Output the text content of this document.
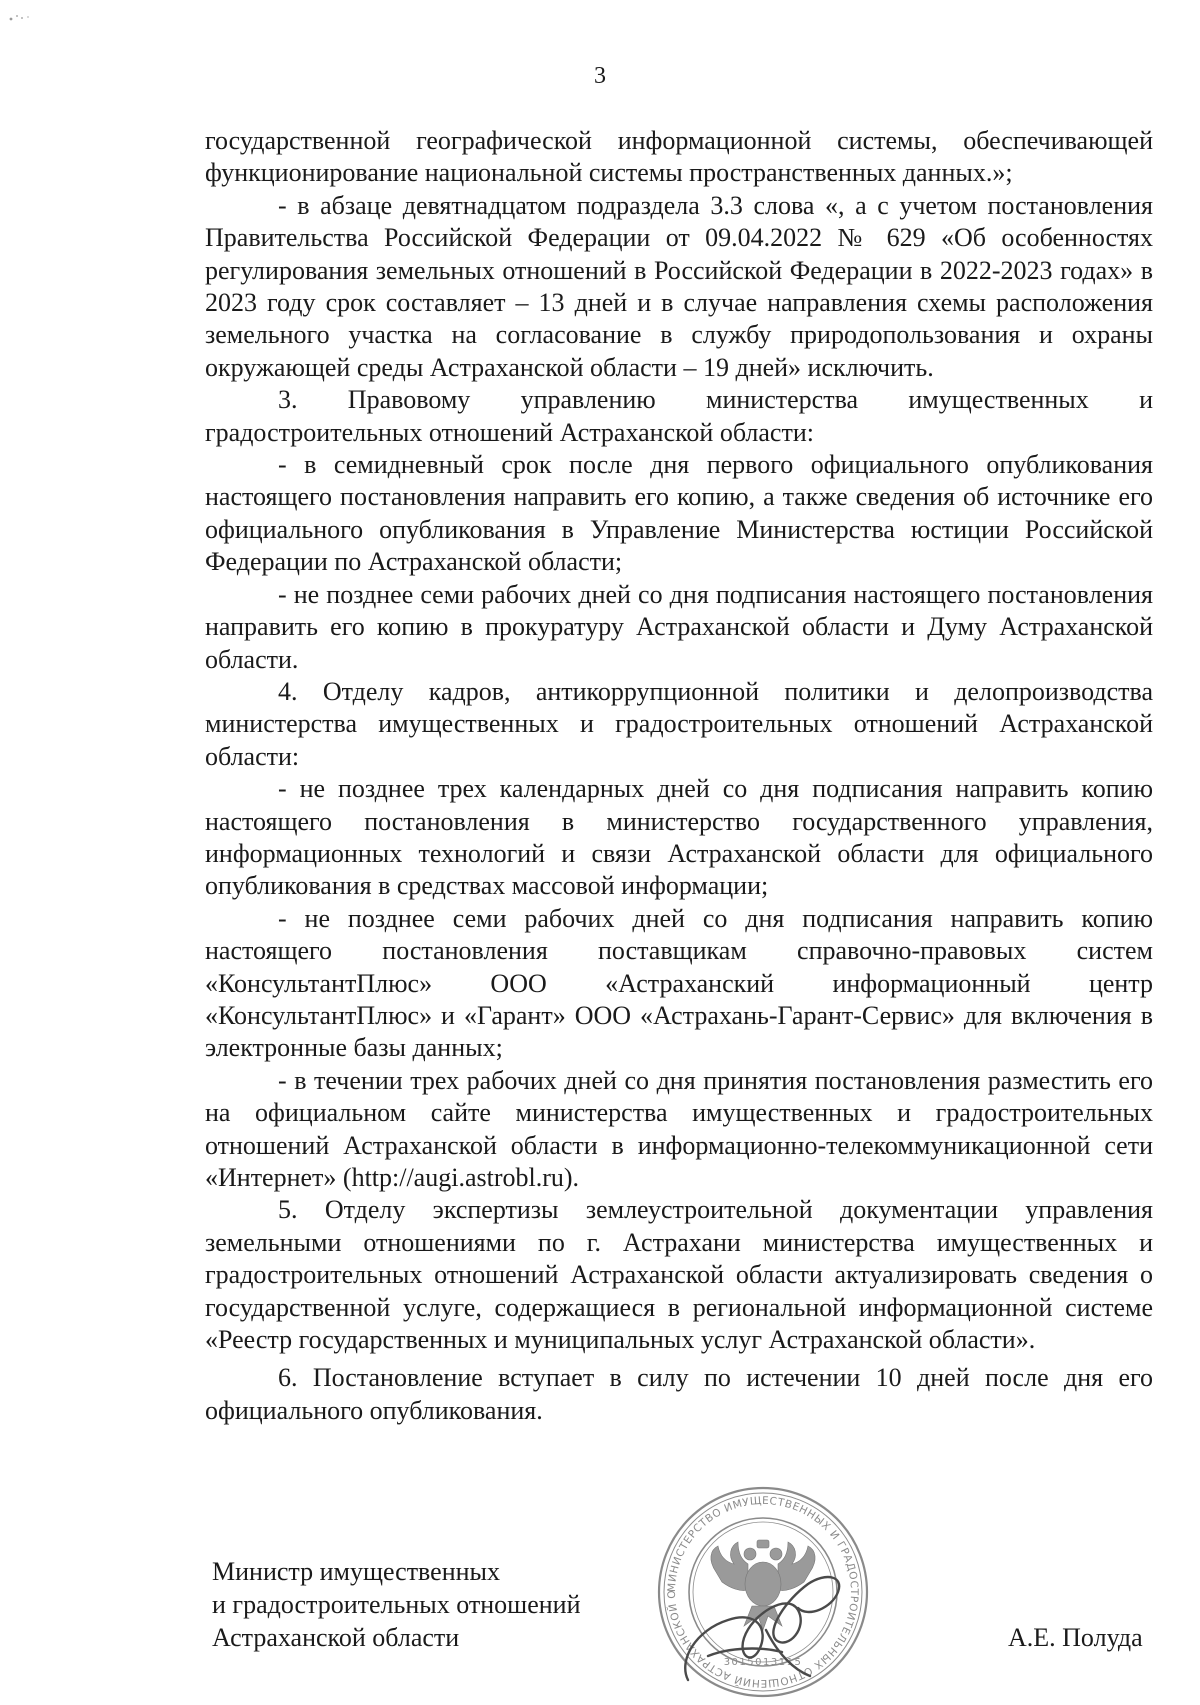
3

государственной географической информационной системы, обеспечивающей функционирование национальной системы пространственных данных.»;

- в абзаце девятнадцатом подраздела 3.3 слова «, а с учетом постановления Правительства Российской Федерации от 09.04.2022 № 629 «Об особенностях регулирования земельных отношений в Российской Федерации в 2022-2023 годах» в 2023 году срок составляет – 13 дней и в случае направления схемы расположения земельного участка на согласование в службу природопользования и охраны окружающей среды Астраханской области – 19 дней» исключить.

3. Правовому управлению министерства имущественных и градостроительных отношений Астраханской области:

- в семидневный срок после дня первого официального опубликования настоящего постановления направить его копию, а также сведения об источнике его официального опубликования в Управление Министерства юстиции Российской Федерации по Астраханской области;

- не позднее семи рабочих дней со дня подписания настоящего постановления направить его копию в прокуратуру Астраханской области и Думу Астраханской области.

4. Отделу кадров, антикоррупционной политики и делопроизводства министерства имущественных и градостроительных отношений Астраханской области:

- не позднее трех календарных дней со дня подписания направить копию настоящего постановления в министерство государственного управления, информационных технологий и связи Астраханской области для официального опубликования в средствах массовой информации;

- не позднее семи рабочих дней со дня подписания направить копию настоящего постановления поставщикам справочно-правовых систем «КонсультантПлюс» ООО «Астраханский информационный центр «КонсультантПлюс» и «Гарант» ООО «Астрахань-Гарант-Сервис» для включения в электронные базы данных;

- в течении трех рабочих дней со дня принятия постановления разместить его на официальном сайте министерства имущественных и градостроительных отношений Астраханской области в информационно-телекоммуникационной сети «Интернет» (http://augi.astrobl.ru).

5. Отделу экспертизы землеустроительной документации управления земельными отношениями по г. Астрахани министерства имущественных и градостроительных отношений Астраханской области актуализировать сведения о государственной услуге, содержащиеся в региональной информационной системе «Реестр государственных и муниципальных услуг Астраханской области».

6. Постановление вступает в силу по истечении 10 дней после дня его официального опубликования.

Министр имущественных
и градостроительных отношений
Астраханской области
МИНИСТЕРСТВО ИМУЩЕСТВЕННЫХ И ГРАДОСТРОИТЕЛЬНЫХ ОТНОШЕНИЙ АСТРАХАНСКОЙ О
3015013115
А.Е. Полуда
